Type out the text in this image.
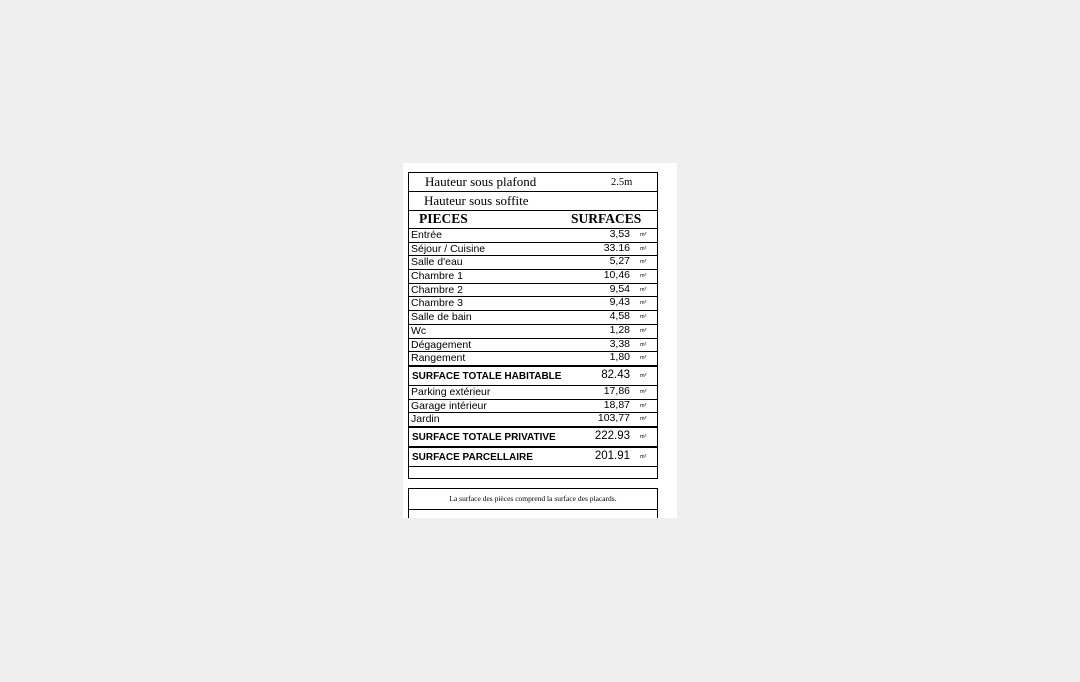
Hauteur sous plafond	2.5m
Hauteur sous soffite
PIECES	SURFACES
Entrée	3,53 m²
Séjour / Cuisine	33.16 m²
Salle d'eau	5,27 m²
Chambre 1	10,46 m²
Chambre 2	9,54 m²
Chambre 3	9,43 m²
Salle de bain	4,58 m²
Wc	1,28 m²
Dégagement	3,38 m²
Rangement	1,80 m²
SURFACE TOTALE HABITABLE	82.43 m²
Parking extérieur	17,86 m²
Garage intérieur	18,87 m²
Jardin	103,77 m²
SURFACE TOTALE PRIVATIVE	222.93 m²
SURFACE PARCELLAIRE	201.91 m²
La surface des pièces comprend la surface des placards.
